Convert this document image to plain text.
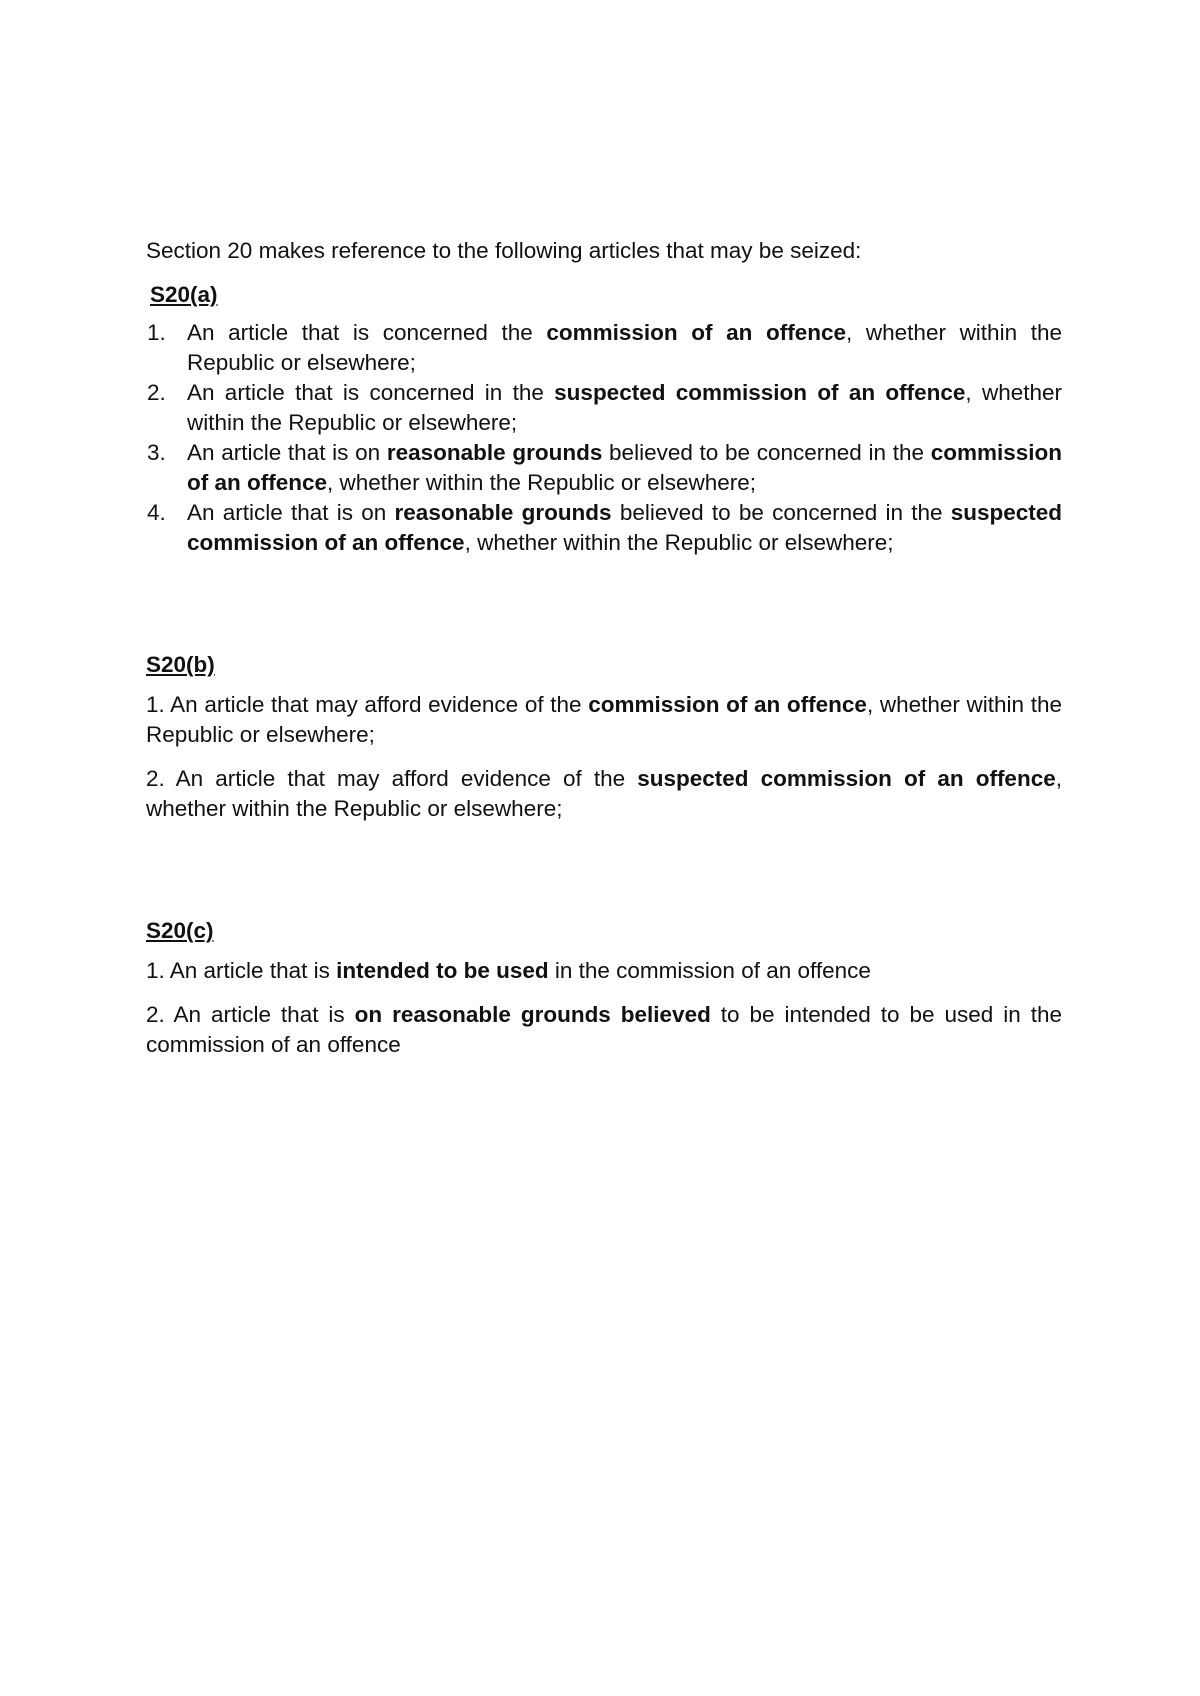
Section 20 makes reference to the following articles that may be seized:

S20(a)
1. An article that is concerned the commission of an offence, whether within the Republic or elsewhere;
2. An article that is concerned in the suspected commission of an offence, whether within the Republic or elsewhere;
3. An article that is on reasonable grounds believed to be concerned in the commission of an offence, whether within the Republic or elsewhere;
4. An article that is on reasonable grounds believed to be concerned in the suspected commission of an offence, whether within the Republic or elsewhere;
S20(b)

1. An article that may afford evidence of the commission of an offence, whether within the Republic or elsewhere;

2. An article that may afford evidence of the suspected commission of an offence, whether within the Republic or elsewhere;

S20(c)

1. An article that is intended to be used in the commission of an offence

2. An article that is on reasonable grounds believed to be intended to be used in the commission of an offence
